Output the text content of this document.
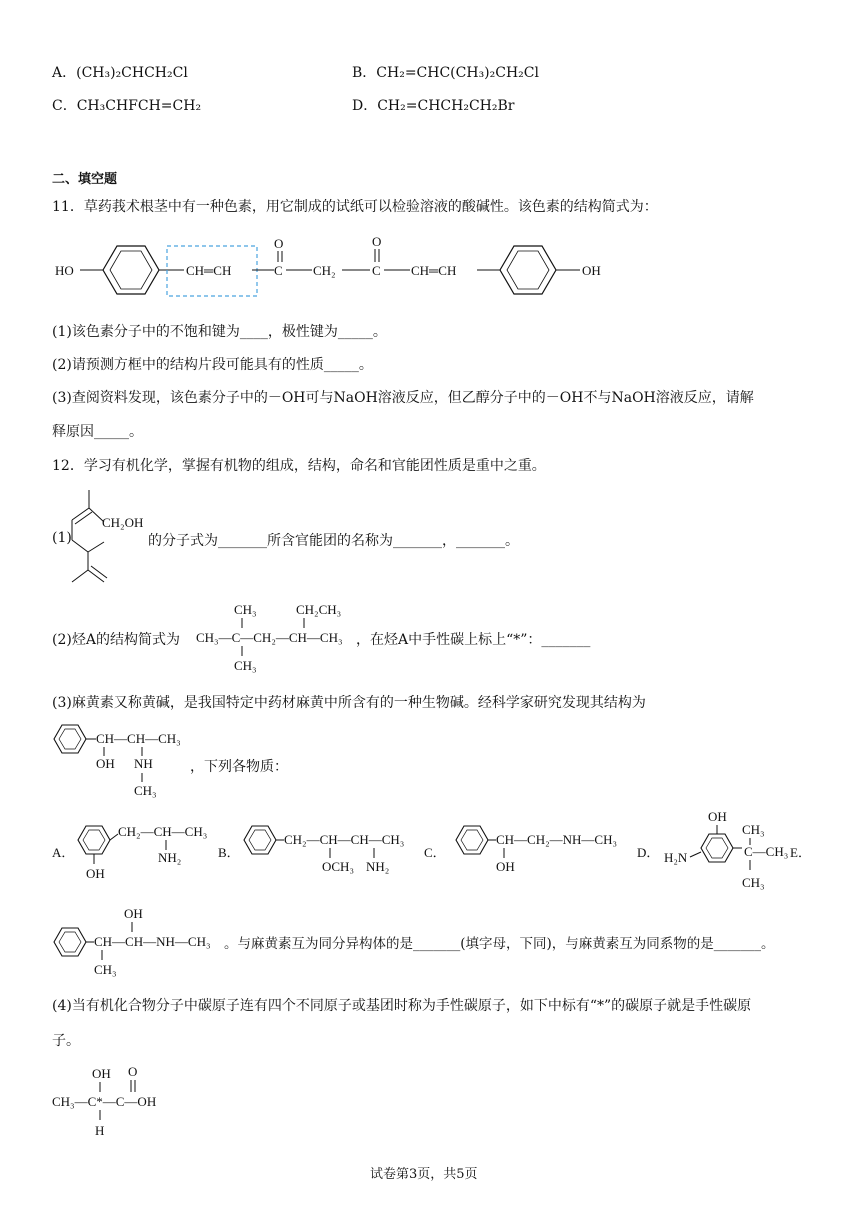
A．(CH₃)₂CHCH₂Cl	B．CH₂=CHC(CH₃)₂CH₂Cl
C．CH₃CHFCH=CH₂	D．CH₂=CHCH₂CH₂Br
二、填空题
11．草药莪术根茎中有一种色素，用它制成的试纸可以检验溶液的酸碱性。该色素的结构简式为：
HO	CH═CH
O
C CH₂
O
C CH═CH	OH
(1)该色素分子中的不饱和键为____，极性键为_____。
(2)请预测方框中的结构片段可能具有的性质_____。
(3)查阅资料发现，该色素分子中的－OH可与NaOH溶液反应，但乙醇分子中的－OH不与NaOH溶液反应，请解
释原因_____。
12．学习有机化学，掌握有机物的组成，结构，命名和官能团性质是重中之重。
(1)
CH₂OH
的分子式为_______所含官能团的名称为_______，_______。
(2)烃A的结构简式为
CH₃	CH₂CH₃
CH₃—C—CH₂—CH—CH₃
CH₃
，在烃A中手性碳上标上“*”：_______
(3)麻黄素又称黄碱，是我国特定中药材麻黄中所含有的一种生物碱。经科学家研究发现其结构为
CH—CH—CH₃
OH NH
CH₃
，下列各物质：
A．
CH₂—CH—CH₃
NH₂
OH
B．
CH₂—CH—CH—CH₃
OCH₃ NH₂
C．
CH—CH₂—NH—CH₃
OH
D．
OH
H₂N
CH₃
C—CH₃
CH₃
E．
OH
CH—CH—NH—CH₃
CH₃
。与麻黄素互为同分异构体的是_______(填字母，下同)，与麻黄素互为同系物的是_______。
(4)当有机化合物分子中碳原子连有四个不同原子或基团时称为手性碳原子，如下中标有“*”的碳原子就是手性碳原
子。
OH O
CH₃—C*—C—OH
H
试卷第3页，共5页
